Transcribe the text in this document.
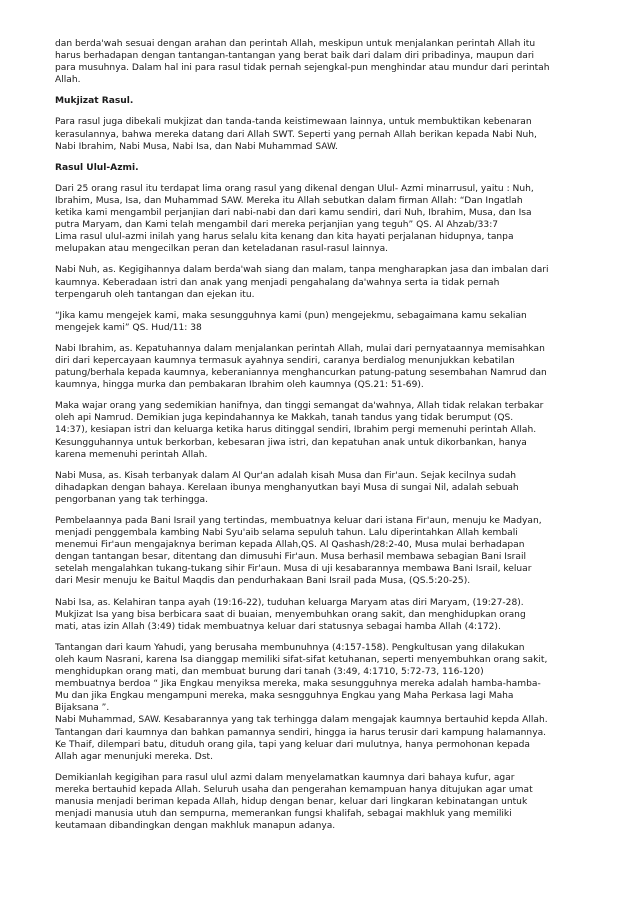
dan berda'wah sesuai dengan arahan dan perintah Allah, meskipun untuk menjalankan perintah Allah itu
harus berhadapan dengan tantangan-tantangan yang berat baik dari dalam diri pribadinya, maupun dari
para musuhnya. Dalam hal ini para rasul tidak pernah sejengkal-pun menghindar atau mundur dari perintah
Allah.
Mukjizat Rasul.
Para rasul juga dibekali mukjizat dan tanda-tanda keistimewaan lainnya, untuk membuktikan kebenaran
kerasulannya, bahwa mereka datang dari Allah SWT. Seperti yang pernah Allah berikan kepada Nabi Nuh,
Nabi Ibrahim, Nabi Musa, Nabi Isa, dan Nabi Muhammad SAW.
Rasul Ulul-Azmi.
Dari 25 orang rasul itu terdapat lima orang rasul yang dikenal dengan Ulul- Azmi minarrusul, yaitu : Nuh,
Ibrahim, Musa, Isa, dan Muhammad SAW. Mereka itu Allah sebutkan dalam firman Allah: “Dan Ingatlah
ketika kami mengambil perjanjian dari nabi-nabi dan dari kamu sendiri, dari Nuh, Ibrahim, Musa, dan Isa
putra Maryam, dan Kami telah mengambil dari mereka perjanjian yang teguh” QS. Al Ahzab/33:7
Lima rasul ulul-azmi inilah yang harus selalu kita kenang dan kita hayati perjalanan hidupnya, tanpa
melupakan atau mengecilkan peran dan keteladanan rasul-rasul lainnya.
Nabi Nuh, as. Kegigihannya dalam berda'wah siang dan malam, tanpa mengharapkan jasa dan imbalan dari
kaumnya. Keberadaan istri dan anak yang menjadi pengahalang da'wahnya serta ia tidak pernah
terpengaruh oleh tantangan dan ejekan itu.
“Jika kamu mengejek kami, maka sesungguhnya kami (pun) mengejekmu, sebagaimana kamu sekalian
mengejek kami” QS. Hud/11: 38
Nabi Ibrahim, as. Kepatuhannya dalam menjalankan perintah Allah, mulai dari pernyataannya memisahkan
diri dari kepercayaan kaumnya termasuk ayahnya sendiri, caranya berdialog menunjukkan kebatilan
patung/berhala kepada kaumnya, keberaniannya menghancurkan patung-patung sesembahan Namrud dan
kaumnya, hingga murka dan pembakaran Ibrahim oleh kaumnya (QS.21: 51-69).
Maka wajar orang yang sedemikian hanifnya, dan tinggi semangat da'wahnya, Allah tidak relakan terbakar
oleh api Namrud. Demikian juga kepindahannya ke Makkah, tanah tandus yang tidak berumput (QS.
14:37), kesiapan istri dan keluarga ketika harus ditinggal sendiri, Ibrahim pergi memenuhi perintah Allah.
Kesungguhannya untuk berkorban, kebesaran jiwa istri, dan kepatuhan anak untuk dikorbankan, hanya
karena memenuhi perintah Allah.
Nabi Musa, as. Kisah terbanyak dalam Al Qur'an adalah kisah Musa dan Fir'aun. Sejak kecilnya sudah
dihadapkan dengan bahaya. Kerelaan ibunya menghanyutkan bayi Musa di sungai Nil, adalah sebuah
pengorbanan yang tak terhingga.
Pembelaannya pada Bani Israil yang tertindas, membuatnya keluar dari istana Fir'aun, menuju ke Madyan,
menjadi penggembala kambing Nabi Syu'aib selama sepuluh tahun. Lalu diperintahkan Allah kembali
menemui Fir'aun mengajaknya beriman kepada Allah,QS. Al Qashash/28:2-40, Musa mulai berhadapan
dengan tantangan besar, ditentang dan dimusuhi Fir'aun. Musa berhasil membawa sebagian Bani Israil
setelah mengalahkan tukang-tukang sihir Fir'aun. Musa di uji kesabarannya membawa Bani Israil, keluar
dari Mesir menuju ke Baitul Maqdis dan pendurhakaan Bani Israil pada Musa, (QS.5:20-25).
Nabi Isa, as. Kelahiran tanpa ayah (19:16-22), tuduhan keluarga Maryam atas diri Maryam, (19:27-28).
Mukjizat Isa yang bisa berbicara saat di buaian, menyembuhkan orang sakit, dan menghidupkan orang
mati, atas izin Allah (3:49) tidak membuatnya keluar dari statusnya sebagai hamba Allah (4:172).
Tantangan dari kaum Yahudi, yang berusaha membunuhnya (4:157-158). Pengkultusan yang dilakukan
oleh kaum Nasrani, karena Isa dianggap memiliki sifat-sifat ketuhanan, seperti menyembuhkan orang sakit,
menghidupkan orang mati, dan membuat burung dari tanah (3:49, 4:1710, 5:72-73, 116-120)
membuatnya berdoa “ Jika Engkau menyiksa mereka, maka sesungguhnya mereka adalah hamba-hamba-
Mu dan jika Engkau mengampuni mereka, maka sesngguhnya Engkau yang Maha Perkasa lagi Maha
Bijaksana ”.
Nabi Muhammad, SAW. Kesabarannya yang tak terhingga dalam mengajak kaumnya bertauhid kepda Allah.
Tantangan dari kaumnya dan bahkan pamannya sendiri, hingga ia harus terusir dari kampung halamannya.
Ke Thaif, dilempari batu, dituduh orang gila, tapi yang keluar dari mulutnya, hanya permohonan kepada
Allah agar menunjuki mereka. Dst.
Demikianlah kegigihan para rasul ulul azmi dalam menyelamatkan kaumnya dari bahaya kufur, agar
mereka bertauhid kepada Allah. Seluruh usaha dan pengerahan kemampuan hanya ditujukan agar umat
manusia menjadi beriman kepada Allah, hidup dengan benar, keluar dari lingkaran kebinatangan untuk
menjadi manusia utuh dan sempurna, memerankan fungsi khalifah, sebagai makhluk yang memiliki
keutamaan dibandingkan dengan makhluk manapun adanya.
